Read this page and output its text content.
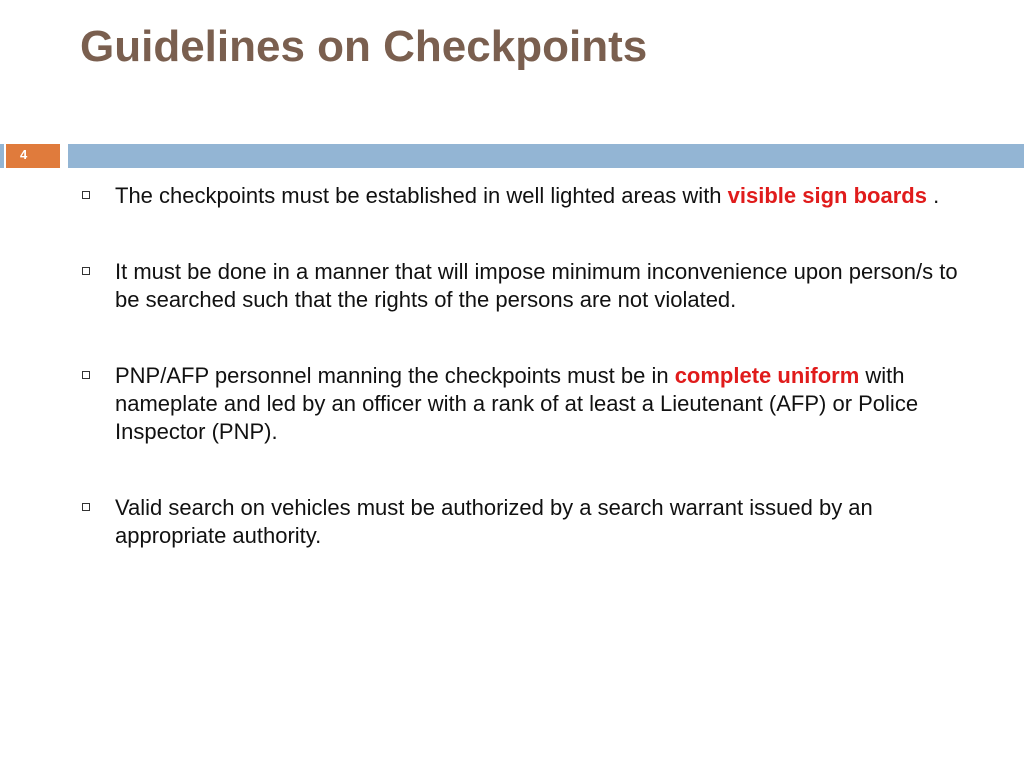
Guidelines on Checkpoints
4
The checkpoints must be established in well lighted areas with visible sign boards .
It must be done in a manner that will impose minimum inconvenience upon person/s to be searched such that the rights of the persons are not violated.
PNP/AFP personnel manning the checkpoints must be in complete uniform with nameplate and led by an officer with a rank of at least a Lieutenant (AFP) or Police Inspector (PNP).
Valid search on vehicles must be authorized by a search warrant issued by an appropriate authority.
